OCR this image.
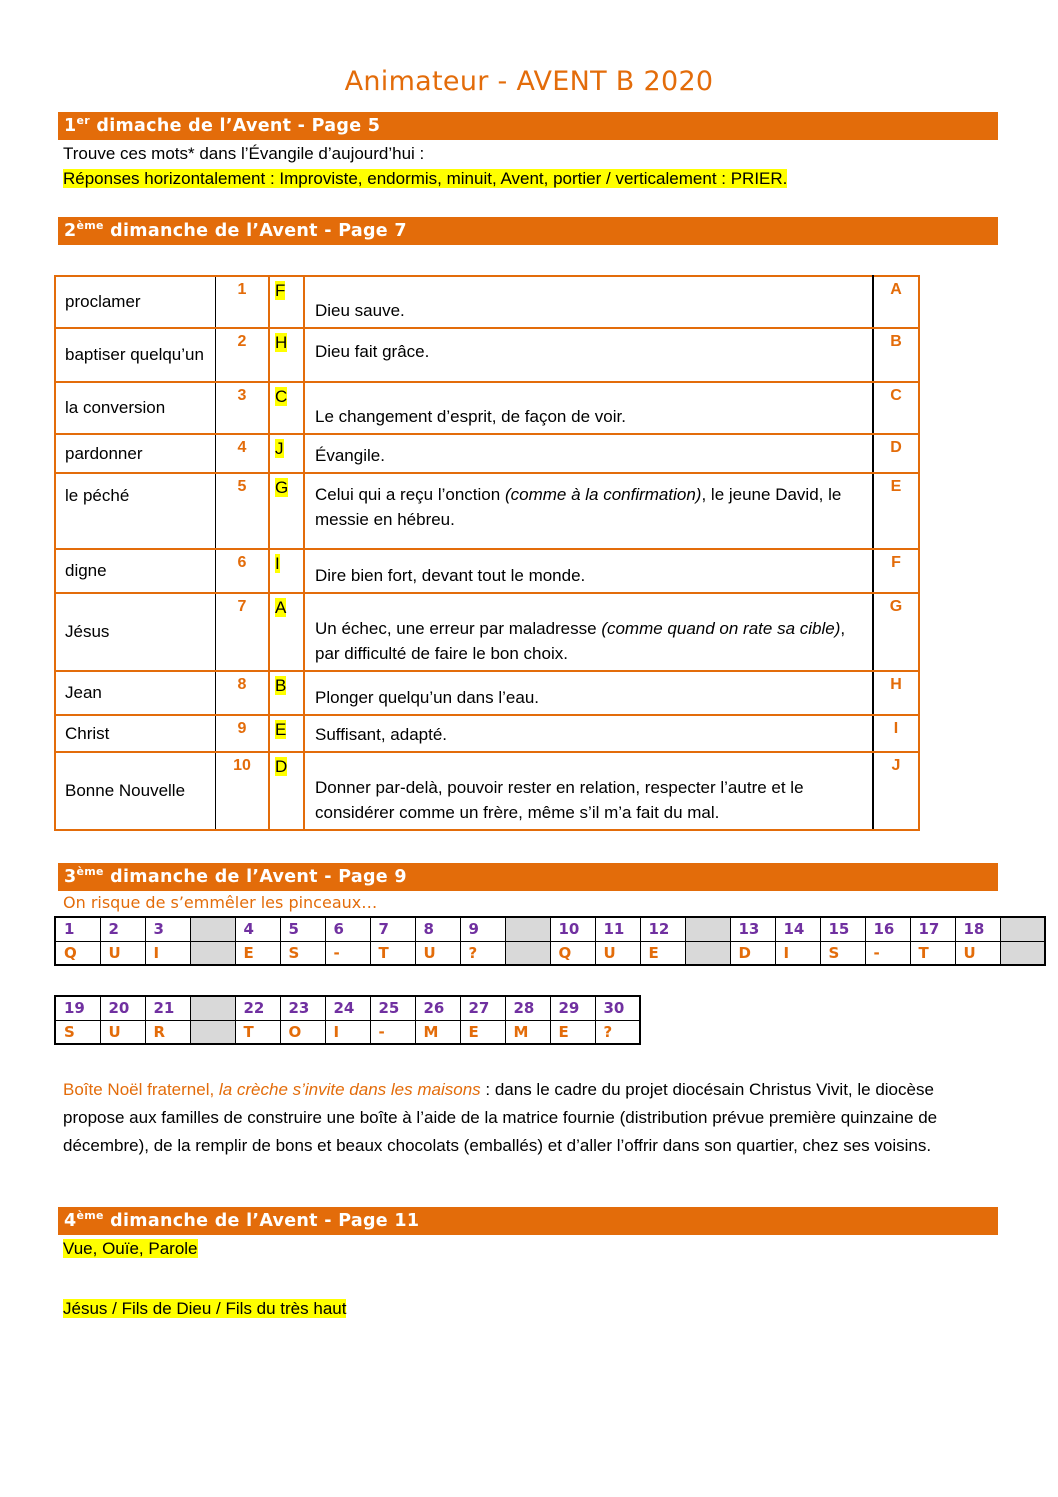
Animateur - AVENT B 2020
1er dimache de l’Avent - Page 5
Trouve ces mots* dans l’Évangile d’aujourd’hui :
Réponses horizontalement : Improviste, endormis, minuit, Avent, portier / verticalement : PRIER.
2ème dimanche de l’Avent - Page 7
proclamer	1	F	Dieu sauve.	A
baptiser quelqu’un	2	H	Dieu fait grâce.	B
la conversion	3	C	Le changement d’esprit, de façon de voir.	C
pardonner	4	J	Évangile.	D
le péché	5	G	Celui qui a reçu l’onction (comme à la confirmation), le jeune David, le messie en hébreu.	E
digne	6	I	Dire bien fort, devant tout le monde.	F
Jésus	7	A	Un échec, une erreur par maladresse (comme quand on rate sa cible), par difficulté de faire le bon choix.	G
Jean	8	B	Plonger quelqu’un dans l’eau.	H
Christ	9	E	Suffisant, adapté.	I
Bonne Nouvelle	10	D	Donner par-delà, pouvoir rester en relation, respecter l’autre et le considérer comme un frère, même s’il m’a fait du mal.	J
3ème dimanche de l’Avent - Page 9
On risque de s’emmêler les pinceaux…
1	2	3		4	5	6	7	8	9		10	11	12		13	14	15	16	17	18	
Q	U	I		E	S	-	T	U	?		Q	U	E		D	I	S	-	T	U	
19	20	21		22	23	24	25	26	27	28	29	30
S	U	R		T	O	I	-	M	E	M	E	?
Boîte Noël fraternel, la crèche s’invite dans les maisons : dans le cadre du projet diocésain Christus Vivit, le diocèse propose aux familles de construire une boîte à l’aide de la matrice fournie (distribution prévue première quinzaine de décembre), de la remplir de bons et beaux chocolats (emballés) et d’aller l’offrir dans son quartier, chez ses voisins.
4ème dimanche de l’Avent - Page 11
Vue, Ouïe, Parole
Jésus / Fils de Dieu / Fils du très haut
